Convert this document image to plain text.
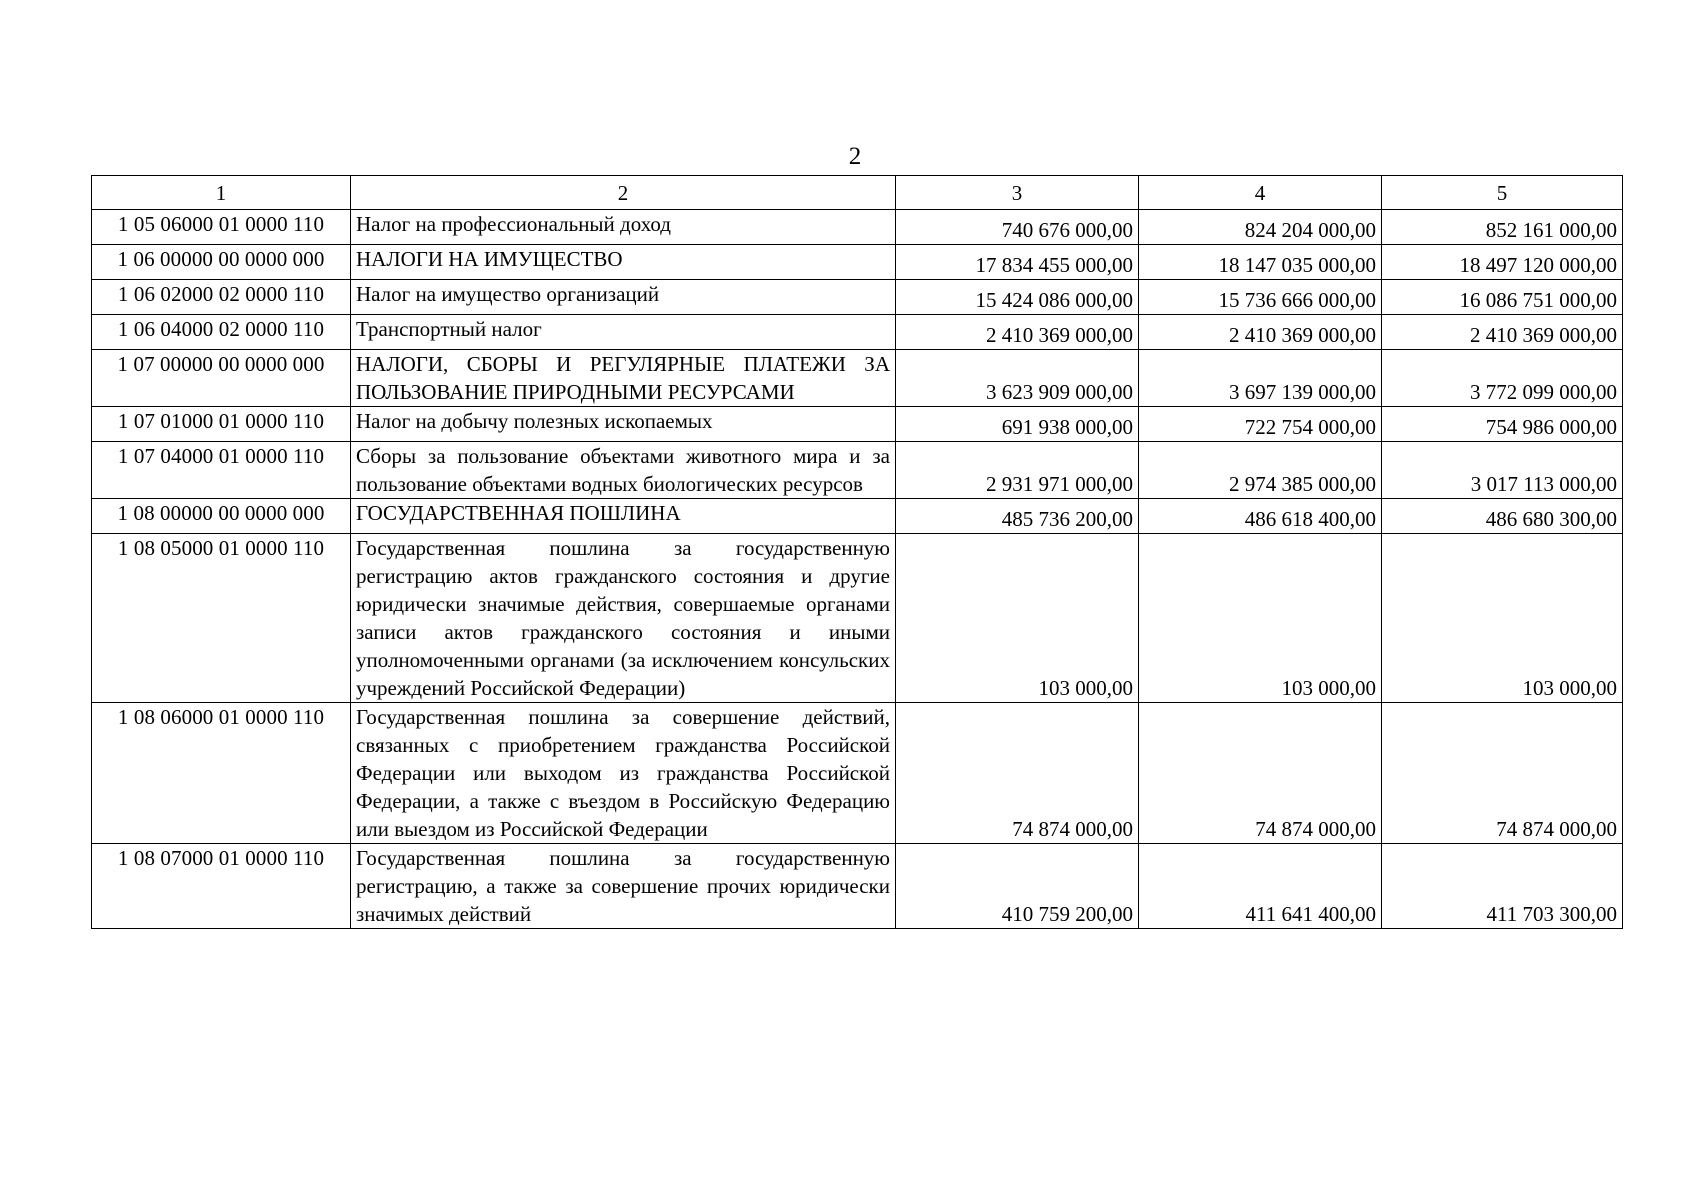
2
1	2	3	4	5
1 05 06000 01 0000 110	Налог на профессиональный доход	740 676 000,00	824 204 000,00	852 161 000,00
1 06 00000 00 0000 000	НАЛОГИ НА ИМУЩЕСТВО	17 834 455 000,00	18 147 035 000,00	18 497 120 000,00
1 06 02000 02 0000 110	Налог на имущество организаций	15 424 086 000,00	15 736 666 000,00	16 086 751 000,00
1 06 04000 02 0000 110	Транспортный налог	2 410 369 000,00	2 410 369 000,00	2 410 369 000,00
1 07 00000 00 0000 000	НАЛОГИ, СБОРЫ И РЕГУЛЯРНЫЕ ПЛАТЕЖИ ЗА ПОЛЬЗОВАНИЕ ПРИРОДНЫМИ РЕСУРСАМИ	3 623 909 000,00	3 697 139 000,00	3 772 099 000,00
1 07 01000 01 0000 110	Налог на добычу полезных ископаемых	691 938 000,00	722 754 000,00	754 986 000,00
1 07 04000 01 0000 110	Сборы за пользование объектами животного мира и за пользование объектами водных биологических ресурсов	2 931 971 000,00	2 974 385 000,00	3 017 113 000,00
1 08 00000 00 0000 000	ГОСУДАРСТВЕННАЯ ПОШЛИНА	485 736 200,00	486 618 400,00	486 680 300,00
1 08 05000 01 0000 110	Государственная пошлина за государственную регистрацию актов гражданского состояния и другие юридически значимые действия, совершаемые органами записи актов гражданского состояния и иными уполномоченными органами (за исключением консульских учреждений Российской Федерации)	103 000,00	103 000,00	103 000,00
1 08 06000 01 0000 110	Государственная пошлина за совершение действий, связанных с приобретением гражданства Российской Федерации или выходом из гражданства Российской Федерации, а также с въездом в Российскую Федерацию или выездом из Российской Федерации	74 874 000,00	74 874 000,00	74 874 000,00
1 08 07000 01 0000 110	Государственная пошлина за государственную регистрацию, а также за совершение прочих юридически значимых действий	410 759 200,00	411 641 400,00	411 703 300,00
